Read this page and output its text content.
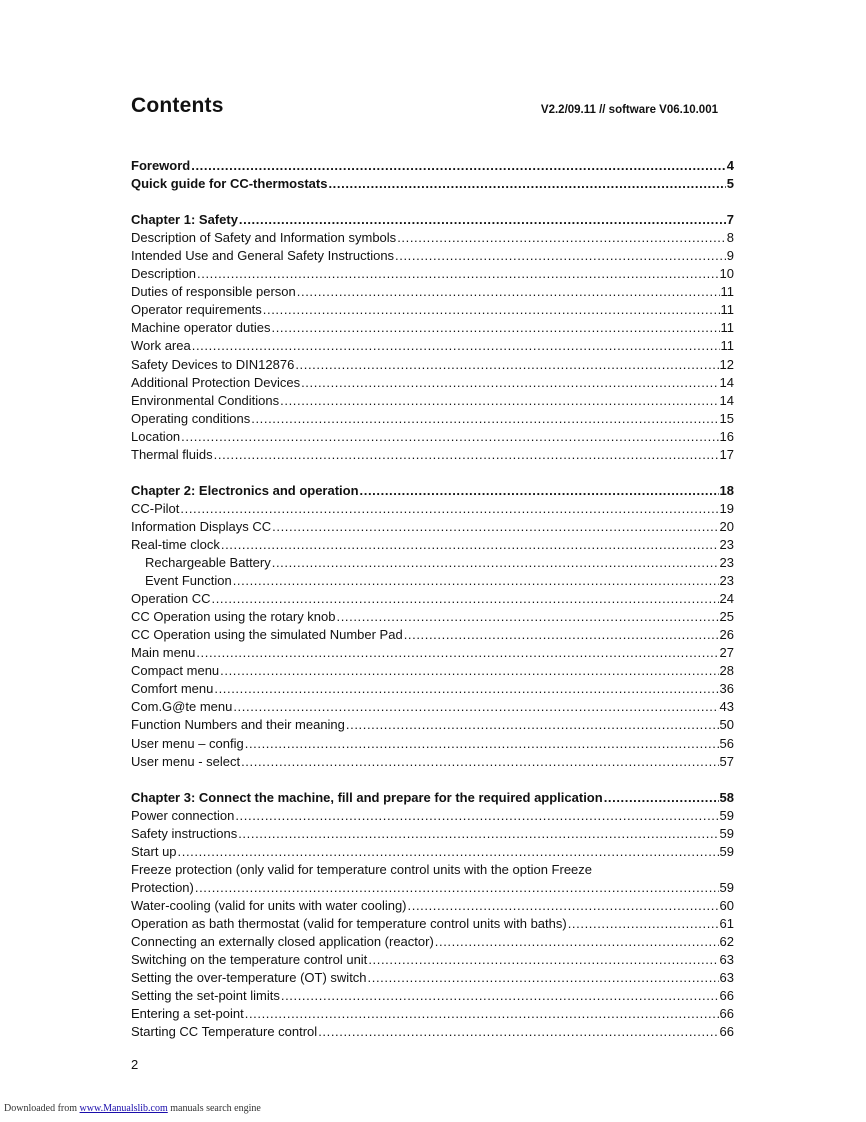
Contents	V2.2/09.11 // software V06.10.001
Foreword .....	4
Quick guide for CC-thermostats .....	5
Chapter 1: Safety .....	7
Description of Safety and Information symbols .....	8
Intended Use and General Safety Instructions .....	9
Description .....	10
Duties of responsible person .....	11
Operator requirements .....	11
Machine operator duties .....	11
Work area .....	11
Safety Devices to DIN12876 .....	12
Additional Protection Devices .....	14
Environmental Conditions .....	14
Operating conditions .....	15
Location .....	16
Thermal fluids .....	17
Chapter 2: Electronics and operation .....	18
CC-Pilot .....	19
Information Displays CC .....	20
Real-time clock .....	23
Rechargeable Battery .....	23
Event Function .....	23
Operation CC .....	24
CC Operation using the rotary knob .....	25
CC Operation using the simulated Number Pad .....	26
Main menu .....	27
Compact menu .....	28
Comfort menu .....	36
Com.G@te menu .....	43
Function Numbers and their meaning .....	50
User menu – config .....	56
User menu - select .....	57
Chapter 3: Connect the machine, fill and prepare for the required application .....	58
Power connection .....	59
Safety instructions .....	59
Start up .....	59
Freeze protection (only valid for temperature control units with the option Freeze
Protection) .....	59
Water-cooling (valid for units with water cooling) .....	60
Operation as bath thermostat (valid for temperature control units with baths) .....	61
Connecting an externally closed application (reactor) .....	62
Switching on the temperature control unit .....	63
Setting the over-temperature (OT) switch .....	63
Setting the set-point limits .....	66
Entering a set-point .....	66
Starting CC Temperature control .....	66
2
Downloaded from www.Manualslib.com manuals search engine
